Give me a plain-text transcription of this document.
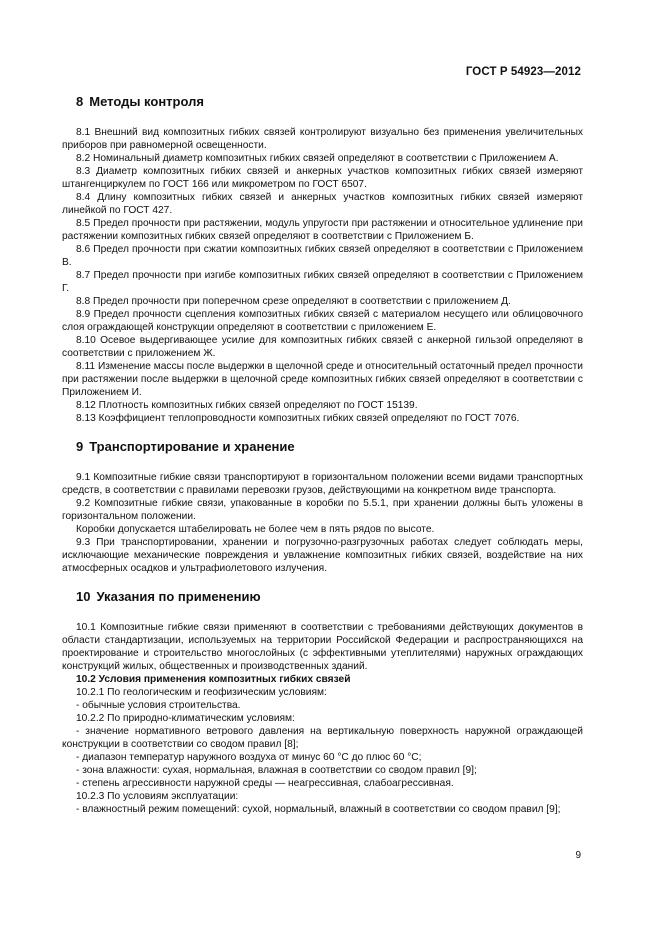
ГОСТ Р 54923—2012
8 Методы контроля

8.1 Внешний вид композитных гибких связей контролируют визуально без применения увеличительных приборов при равномерной освещенности.

8.2 Номинальный диаметр композитных гибких связей определяют в соответствии с Приложением А.

8.3 Диаметр композитных гибких связей и анкерных участков композитных гибких связей измеряют штангенциркулем по ГОСТ 166 или микрометром по ГОСТ 6507.

8.4 Длину композитных гибких связей и анкерных участков композитных гибких связей измеряют линейкой по ГОСТ 427.

8.5 Предел прочности при растяжении, модуль упругости при растяжении и относительное удлинение при растяжении композитных гибких связей определяют в соответствии с Приложением Б.

8.6 Предел прочности при сжатии композитных гибких связей определяют в соответствии с Приложением В.

8.7 Предел прочности при изгибе композитных гибких связей определяют в соответствии с Приложением Г.

8.8 Предел прочности при поперечном срезе определяют в соответствии с приложением Д.

8.9 Предел прочности сцепления композитных гибких связей с материалом несущего или облицовочного слоя ограждающей конструкции определяют в соответствии с приложением Е.

8.10 Осевое выдергивающее усилие для композитных гибких связей с анкерной гильзой определяют в соответствии с приложением Ж.

8.11 Изменение массы после выдержки в щелочной среде и относительный остаточный предел прочности при растяжении после выдержки в щелочной среде композитных гибких связей определяют в соответствии с Приложением И.

8.12 Плотность композитных гибких связей определяют по ГОСТ 15139.

8.13 Коэффициент теплопроводности композитных гибких связей определяют по ГОСТ 7076.

9 Транспортирование и хранение

9.1 Композитные гибкие связи транспортируют в горизонтальном положении всеми видами транспортных средств, в соответствии с правилами перевозки грузов, действующими на конкретном виде транспорта.

9.2 Композитные гибкие связи, упакованные в коробки по 5.5.1, при хранении должны быть уложены в горизонтальном положении.

Коробки допускается штабелировать не более чем в пять рядов по высоте.

9.3 При транспортировании, хранении и погрузочно-разгрузочных работах следует соблюдать меры, исключающие механические повреждения и увлажнение композитных гибких связей, воздействие на них атмосферных осадков и ультрафиолетового излучения.

10 Указания по применению

10.1 Композитные гибкие связи применяют в соответствии с требованиями действующих документов в области стандартизации, используемых на территории Российской Федерации и распространяющихся на проектирование и строительство многослойных (с эффективными утеплителями) наружных ограждающих конструкций жилых, общественных и производственных зданий.

10.2 Условия применения композитных гибких связей

10.2.1 По геологическим и геофизическим условиям:

- обычные условия строительства.

10.2.2 По природно-климатическим условиям:

- значение нормативного ветрового давления на вертикальную поверхность наружной ограждающей конструкции в соответствии со сводом правил [8];

- диапазон температур наружного воздуха от минус 60 °С до плюс 60 °С;

- зона влажности: сухая, нормальная, влажная в соответствии со сводом правил [9];

- степень агрессивности наружной среды — неагрессивная, слабоагрессивная.

10.2.3 По условиям эксплуатации:

- влажностный режим помещений: сухой, нормальный, влажный в соответствии со сводом правил [9];

9
